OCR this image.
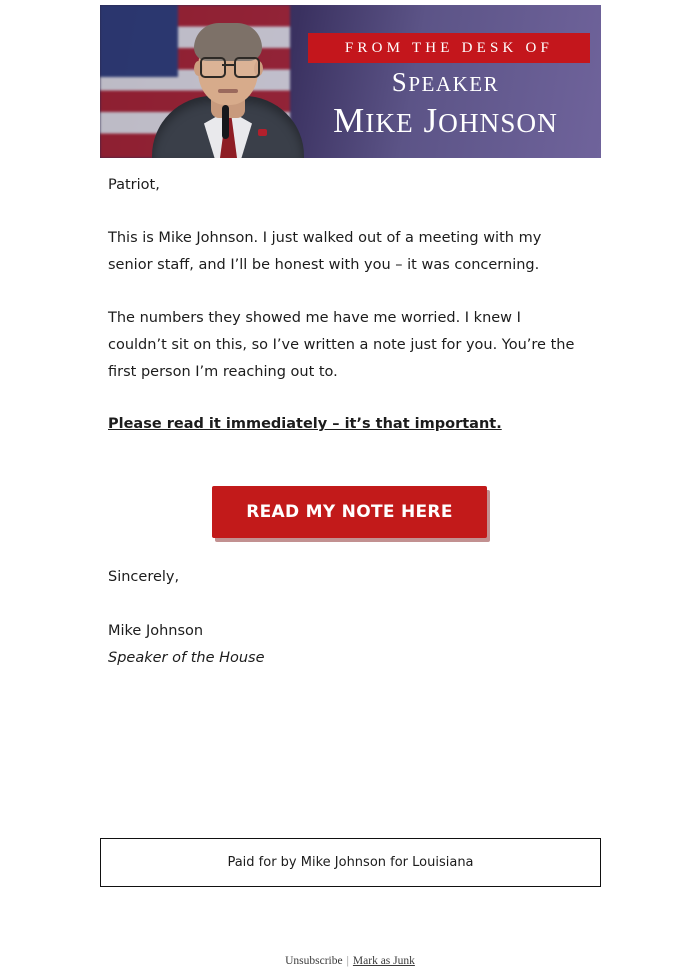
FROM THE DESK OF
SPEAKER
MIKE JOHNSON

Patriot,

This is Mike Johnson. I just walked out of a meeting with my senior staff, and I’ll be honest with you – it was concerning.

The numbers they showed me have me worried. I knew I couldn’t sit on this, so I’ve written a note just for you. You’re the first person I’m reaching out to.

Please read it immediately – it’s that important.

READ MY NOTE HERE
Sincerely,
Mike Johnson
Speaker of the House
Paid for by Mike Johnson for Louisiana
Unsubscribe | Mark as Junk
